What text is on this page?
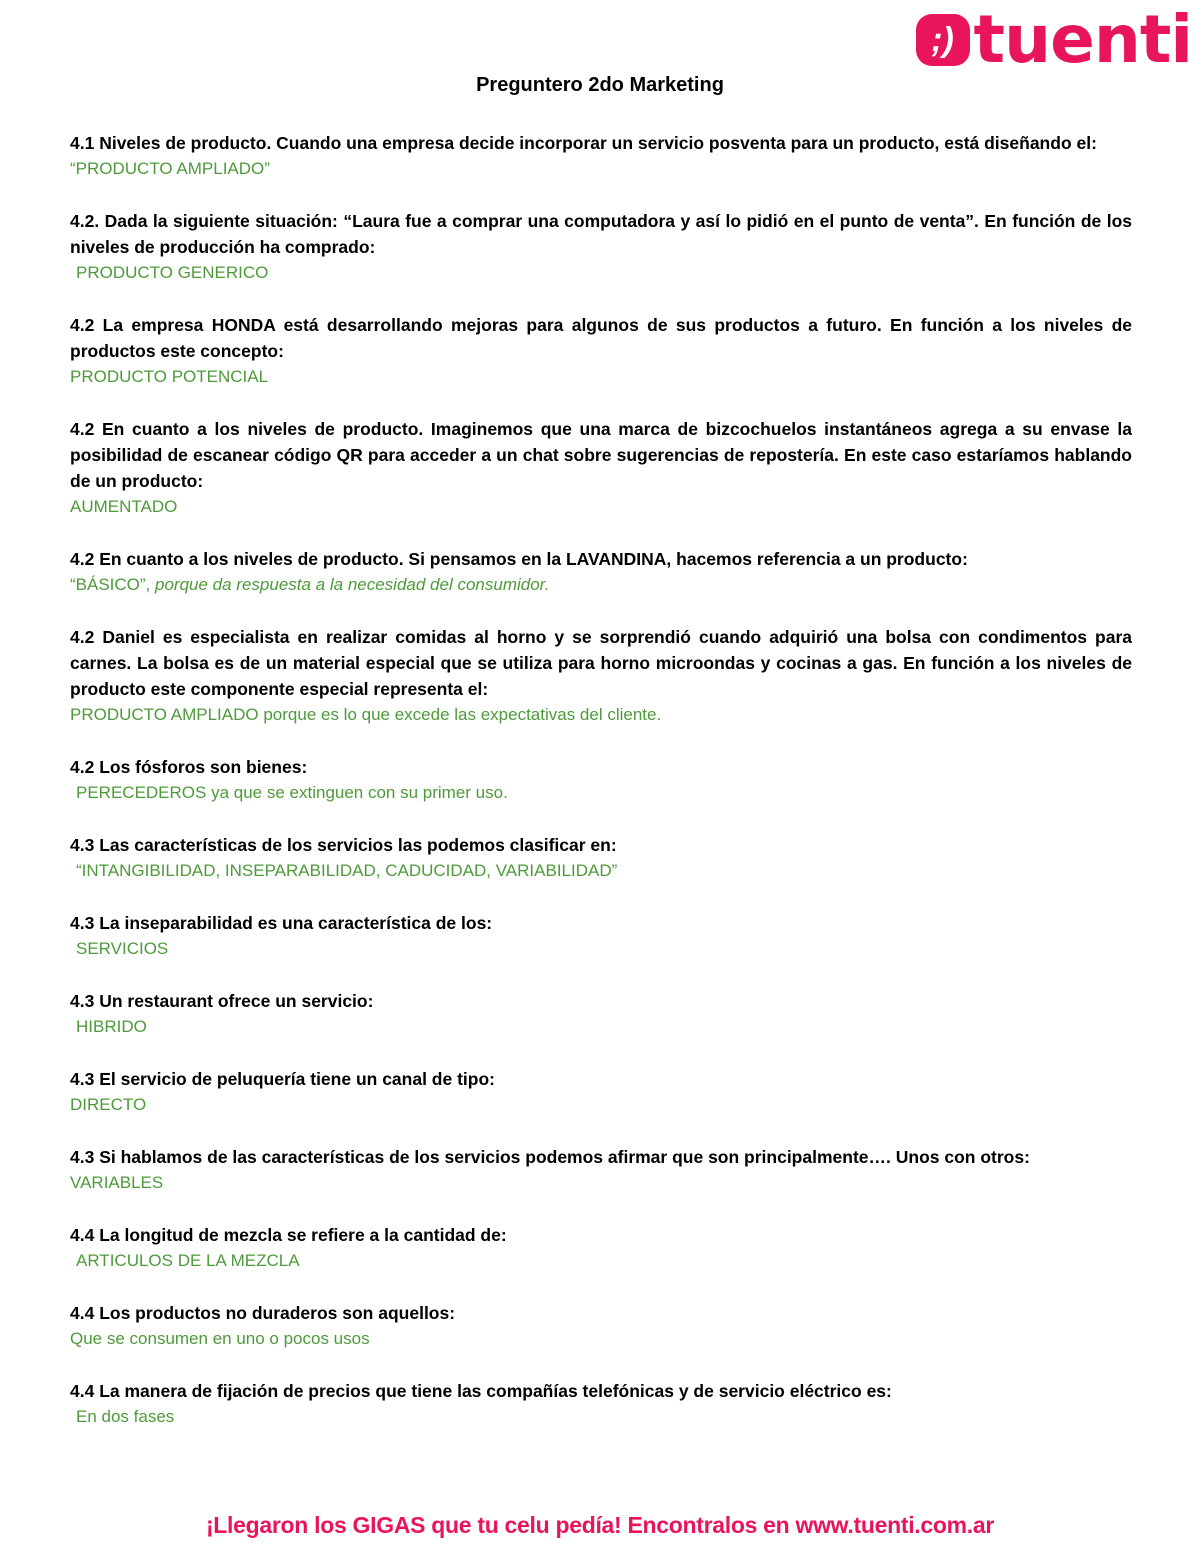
;) tuenti
Preguntero 2do Marketing
4.1 Niveles de producto. Cuando una empresa decide incorporar un servicio posventa para un producto, está diseñando el:
“PRODUCTO AMPLIADO”
4.2. Dada la siguiente situación: “Laura fue a comprar una computadora y así lo pidió en el punto de venta”. En función de los niveles de producción ha comprado:
PRODUCTO GENERICO
4.2 La empresa HONDA está desarrollando mejoras para algunos de sus productos a futuro. En función a los niveles de productos este concepto:
PRODUCTO POTENCIAL
4.2 En cuanto a los niveles de producto. Imaginemos que una marca de bizcochuelos instantáneos agrega a su envase la posibilidad de escanear código QR para acceder a un chat sobre sugerencias de repostería. En este caso estaríamos hablando de un producto:
AUMENTADO
4.2 En cuanto a los niveles de producto. Si pensamos en la LAVANDINA, hacemos referencia a un producto:
“BÁSICO”, porque da respuesta a la necesidad del consumidor.
4.2 Daniel es especialista en realizar comidas al horno y se sorprendió cuando adquirió una bolsa con condimentos para carnes. La bolsa es de un material especial que se utiliza para horno microondas y cocinas a gas. En función a los niveles de producto este componente especial representa el:
PRODUCTO AMPLIADO porque es lo que excede las expectativas del cliente.
4.2 Los fósforos son bienes:
PERECEDEROS ya que se extinguen con su primer uso.
4.3 Las características de los servicios las podemos clasificar en:
“INTANGIBILIDAD, INSEPARABILIDAD, CADUCIDAD, VARIABILIDAD”
4.3 La inseparabilidad es una característica de los:
SERVICIOS
4.3 Un restaurant ofrece un servicio:
HIBRIDO
4.3 El servicio de peluquería tiene un canal de tipo:
DIRECTO
4.3 Si hablamos de las características de los servicios podemos afirmar que son principalmente…. Unos con otros:
VARIABLES
4.4 La longitud de mezcla se refiere a la cantidad de:
ARTICULOS DE LA MEZCLA
4.4 Los productos no duraderos son aquellos:
Que se consumen en uno o pocos usos
4.4 La manera de fijación de precios que tiene las compañías telefónicas y de servicio eléctrico es:
En dos fases
¡Llegaron los GIGAS que tu celu pedía! Encontralos en www.tuenti.com.ar
